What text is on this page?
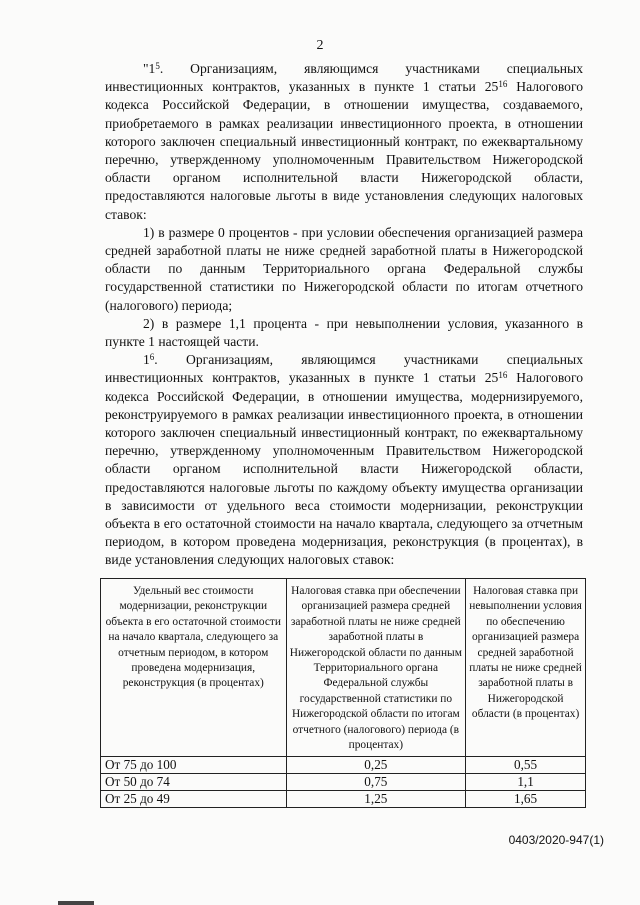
2

"$1^5$. Организациям, являющимся участниками специальных инвестиционных контрактов, указанных в пункте 1 статьи $25^{16}$ Налогового кодекса Российской Федерации, в отношении имущества, создаваемого, приобретаемого в рамках реализации инвестиционного проекта, в отношении которого заключен специальный инвестиционный контракт, по ежеквартальному перечню, утвержденному уполномоченным Правительством Нижегородской области органом исполнительной власти Нижегородской области, предоставляются налоговые льготы в виде установления следующих налоговых ставок:

1) в размере 0 процентов - при условии обеспечения организацией размера средней заработной платы не ниже средней заработной платы в Нижегородской области по данным Территориального органа Федеральной службы государственной статистики по Нижегородской области по итогам отчетного (налогового) периода;

2) в размере 1,1 процента - при невыполнении условия, указанного в пункте 1 настоящей части.

$1^6$. Организациям, являющимся участниками специальных инвестиционных контрактов, указанных в пункте 1 статьи $25^{16}$ Налогового кодекса Российской Федерации, в отношении имущества, модернизируемого, реконструируемого в рамках реализации инвестиционного проекта, в отношении которого заключен специальный инвестиционный контракт, по ежеквартальному перечню, утвержденному уполномоченным Правительством Нижегородской области органом исполнительной власти Нижегородской области, предоставляются налоговые льготы по каждому объекту имущества организации в зависимости от удельного веса стоимости модернизации, реконструкции объекта в его остаточной стоимости на начало квартала, следующего за отчетным периодом, в котором проведена модернизация, реконструкция (в процентах), в виде установления следующих налоговых ставок:

Удельный вес стоимости модернизации, реконструкции объекта в его остаточной стоимости на начало квартала, следующего за отчетным периодом, в котором проведена модернизация, реконструкция (в процентах)	Налоговая ставка при обеспечении организацией размера средней заработной платы не ниже средней заработной платы в Нижегородской области по данным Территориального органа Федеральной службы государственной статистики по Нижегородской области по итогам отчетного (налогового) периода (в процентах)	Налоговая ставка при невыполнении условия по обеспечению организацией размера средней заработной платы не ниже средней заработной платы в Нижегородской области (в процентах)
От 75 до 100	0,25	0,55
От 50 до 74	0,75	1,1
От 25 до 49	1,25	1,65
0403/2020-947(1)
